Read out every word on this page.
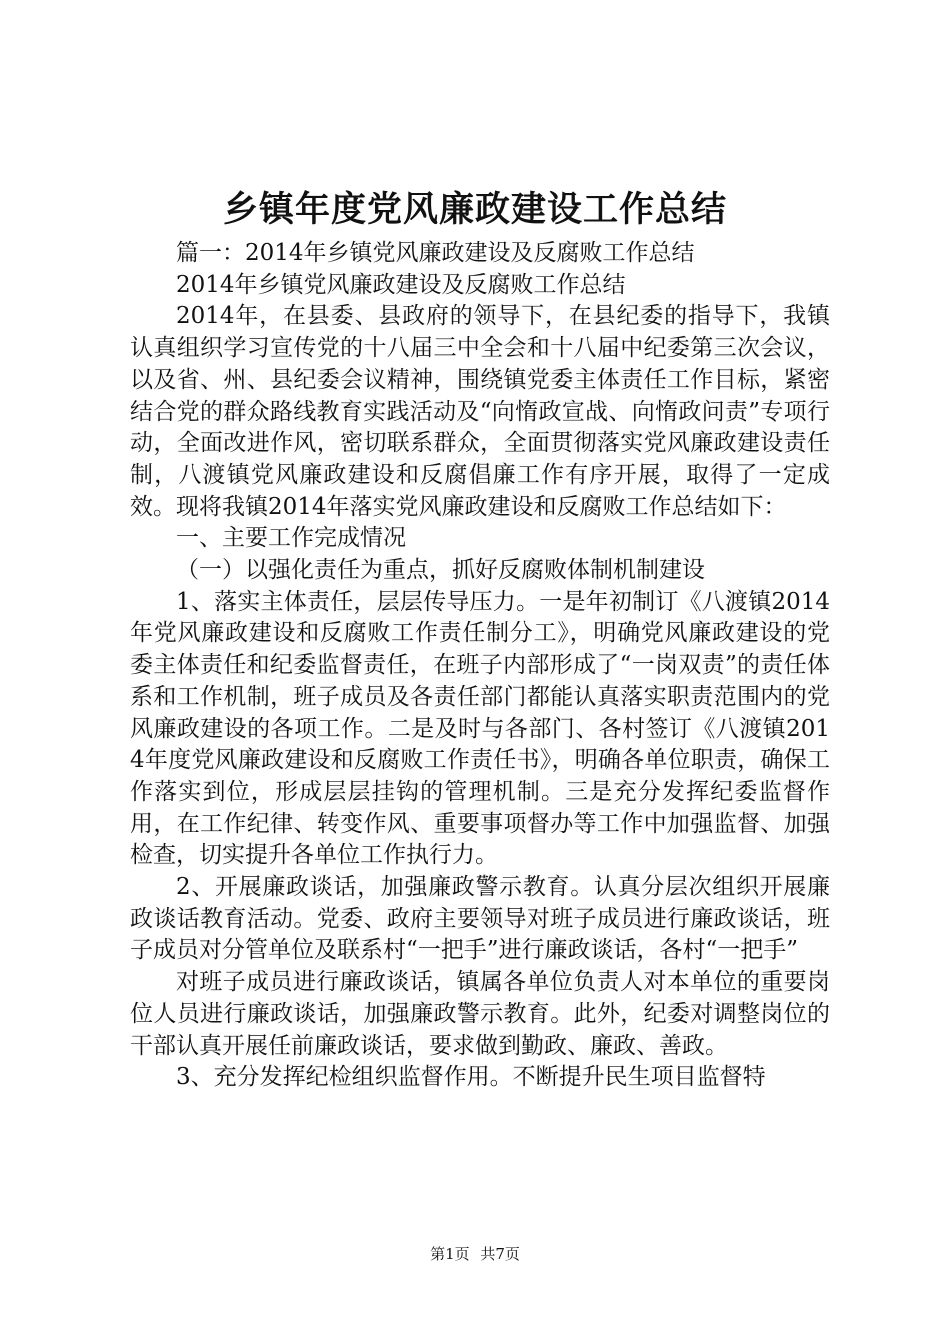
乡镇年度党风廉政建设工作总结

篇一：2014年乡镇党风廉政建设及反腐败工作总结

2014年乡镇党风廉政建设及反腐败工作总结

2014年，在县委、县政府的领导下，在县纪委的指导下，我镇认真组织学习宣传党的十八届三中全会和十八届中纪委第三次会议，以及省、州、县纪委会议精神，围绕镇党委主体责任工作目标，紧密结合党的群众路线教育实践活动及“向惰政宣战、向惰政问责”专项行动，全面改进作风，密切联系群众，全面贯彻落实党风廉政建设责任制，八渡镇党风廉政建设和反腐倡廉工作有序开展，取得了一定成效。现将我镇2014年落实党风廉政建设和反腐败工作总结如下：

一、主要工作完成情况

（一）以强化责任为重点，抓好反腐败体制机制建设

1、落实主体责任，层层传导压力。一是年初制订《八渡镇2014年党风廉政建设和反腐败工作责任制分工》，明确党风廉政建设的党委主体责任和纪委监督责任，在班子内部形成了“一岗双责”的责任体系和工作机制，班子成员及各责任部门都能认真落实职责范围内的党风廉政建设的各项工作。二是及时与各部门、各村签订《八渡镇2014年度党风廉政建设和反腐败工作责任书》，明确各单位职责，确保工作落实到位，形成层层挂钩的管理机制。三是充分发挥纪委监督作用，在工作纪律、转变作风、重要事项督办等工作中加强监督、加强检查，切实提升各单位工作执行力。

2、开展廉政谈话，加强廉政警示教育。认真分层次组织开展廉政谈话教育活动。党委、政府主要领导对班子成员进行廉政谈话，班子成员对分管单位及联系村“一把手”进行廉政谈话，各村“一把手”

对班子成员进行廉政谈话，镇属各单位负责人对本单位的重要岗位人员进行廉政谈话，加强廉政警示教育。此外，纪委对调整岗位的干部认真开展任前廉政谈话，要求做到勤政、廉政、善政。

3、充分发挥纪检组织监督作用。不断提升民生项目监督特

第1页 共7页
